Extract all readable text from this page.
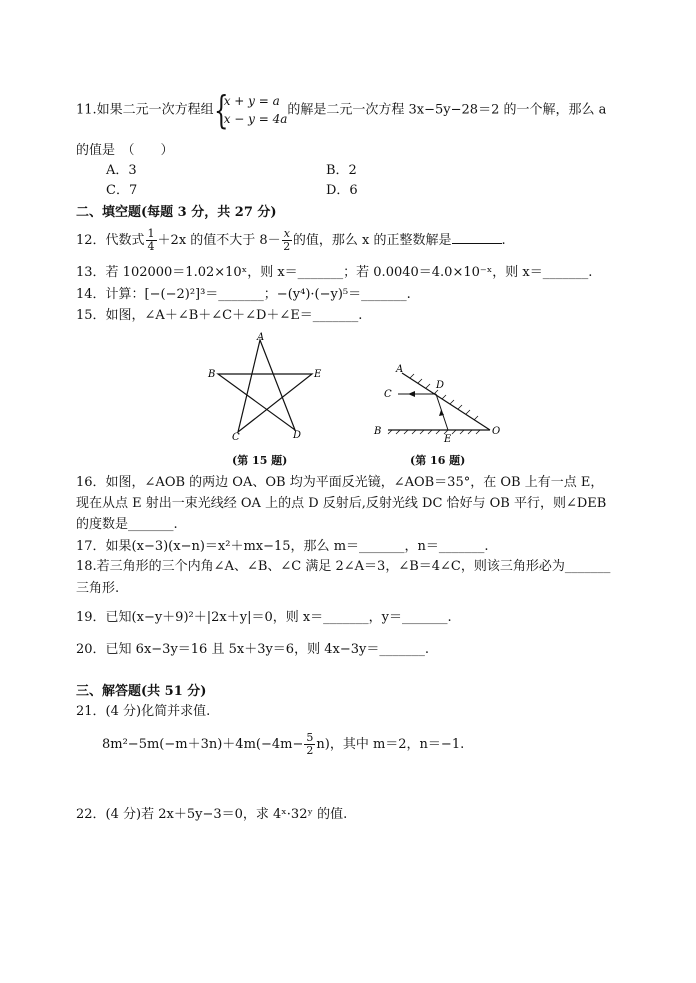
11.如果二元一次方程组 {
x + y = a
x − y = 4a
的解是二元一次方程 3x−5y−28＝2 的一个解，那么 a
的值是　（　　）
A．3	B．2
C．7	D．6
二、填空题(每题 3 分，共 27 分)
12．代数式 $\frac{1}{4} +2x$ 的值不大于 $8- \frac{x}{2}$ 的值，那么 x 的正整数解是	.
13．若 102000＝1.02×10ˣ，则 x＝_______；若 0.0040＝4.0×10⁻ˣ，则 x＝_______.
14．计算：[−(−2)²]³＝_______；−(y⁴)·(−y)⁵＝_______.
15．如图，∠A＋∠B＋∠C＋∠D＋∠E＝_______.
A
B	E
C	D
(第 15 题)
A
D
C
B
E
O
(第 16 题)
16．如图，∠AOB 的两边 OA、OB 均为平面反光镜，∠AOB＝35°，在 OB 上有一点 E，
现在从点 E 射出一束光线经 OA 上的点 D 反射后,反射光线 DC 恰好与 OB 平行，则∠DEB
的度数是_______.
17．如果(x−3)(x−n)＝x²＋mx−15，那么 m＝_______，n＝_______.
18.若三角形的三个内角∠A、∠B、∠C 满足 2∠A＝3，∠B＝4∠C，则该三角形必为_______
三角形.
19．已知(x−y＋9)²＋|2x＋y|＝0，则 x＝_______，y＝_______.
20．已知 6x−3y＝16 且 5x＋3y＝6，则 4x−3y＝_______.
三、解答题(共 51 分)
21．(4 分)化简并求值.
$8m^2-5m(-m+3n)+4m(-4m- \frac{5}{2} n)$，其中 m＝2，n＝−1.
22．(4 分)若 2x＋5y−3＝0，求 4ˣ·32ʸ 的值.
